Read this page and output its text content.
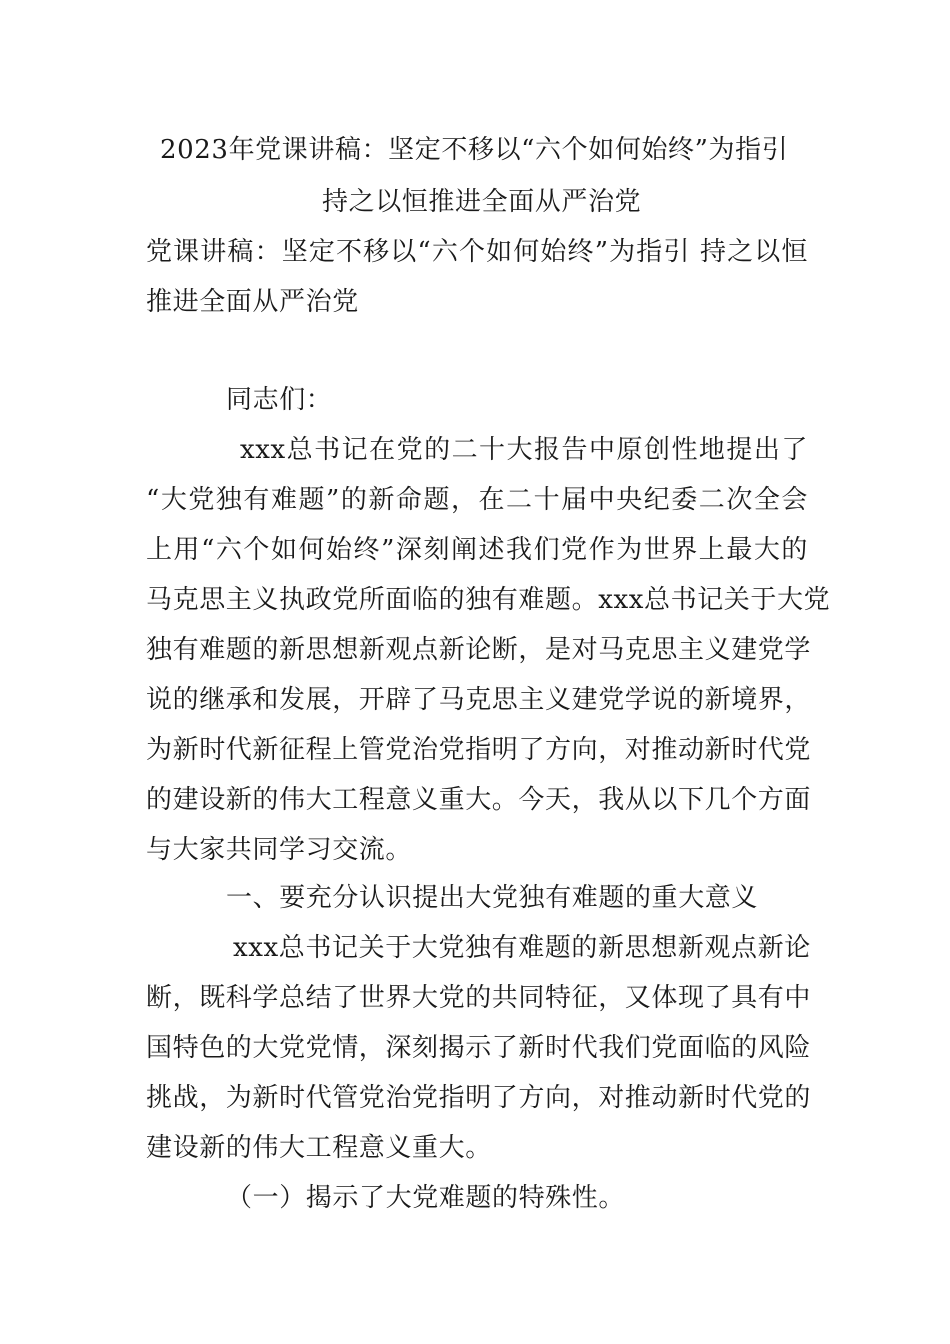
2023年党课讲稿：坚定不移以“六个如何始终”为指引
持之以恒推进全面从严治党
党课讲稿：坚定不移以“六个如何始终”为指引 持之以恒
推进全面从严治党
同志们：
xxx总书记在党的二十大报告中原创性地提出了
“大党独有难题”的新命题，在二十届中央纪委二次全会
上用“六个如何始终”深刻阐述我们党作为世界上最大的
马克思主义执政党所面临的独有难题。xxx总书记关于大党
独有难题的新思想新观点新论断，是对马克思主义建党学
说的继承和发展，开辟了马克思主义建党学说的新境界，
为新时代新征程上管党治党指明了方向，对推动新时代党
的建设新的伟大工程意义重大。今天，我从以下几个方面
与大家共同学习交流。
一、要充分认识提出大党独有难题的重大意义
xxx总书记关于大党独有难题的新思想新观点新论
断，既科学总结了世界大党的共同特征，又体现了具有中
国特色的大党党情，深刻揭示了新时代我们党面临的风险
挑战，为新时代管党治党指明了方向，对推动新时代党的
建设新的伟大工程意义重大。
（一）揭示了大党难题的特殊性。
